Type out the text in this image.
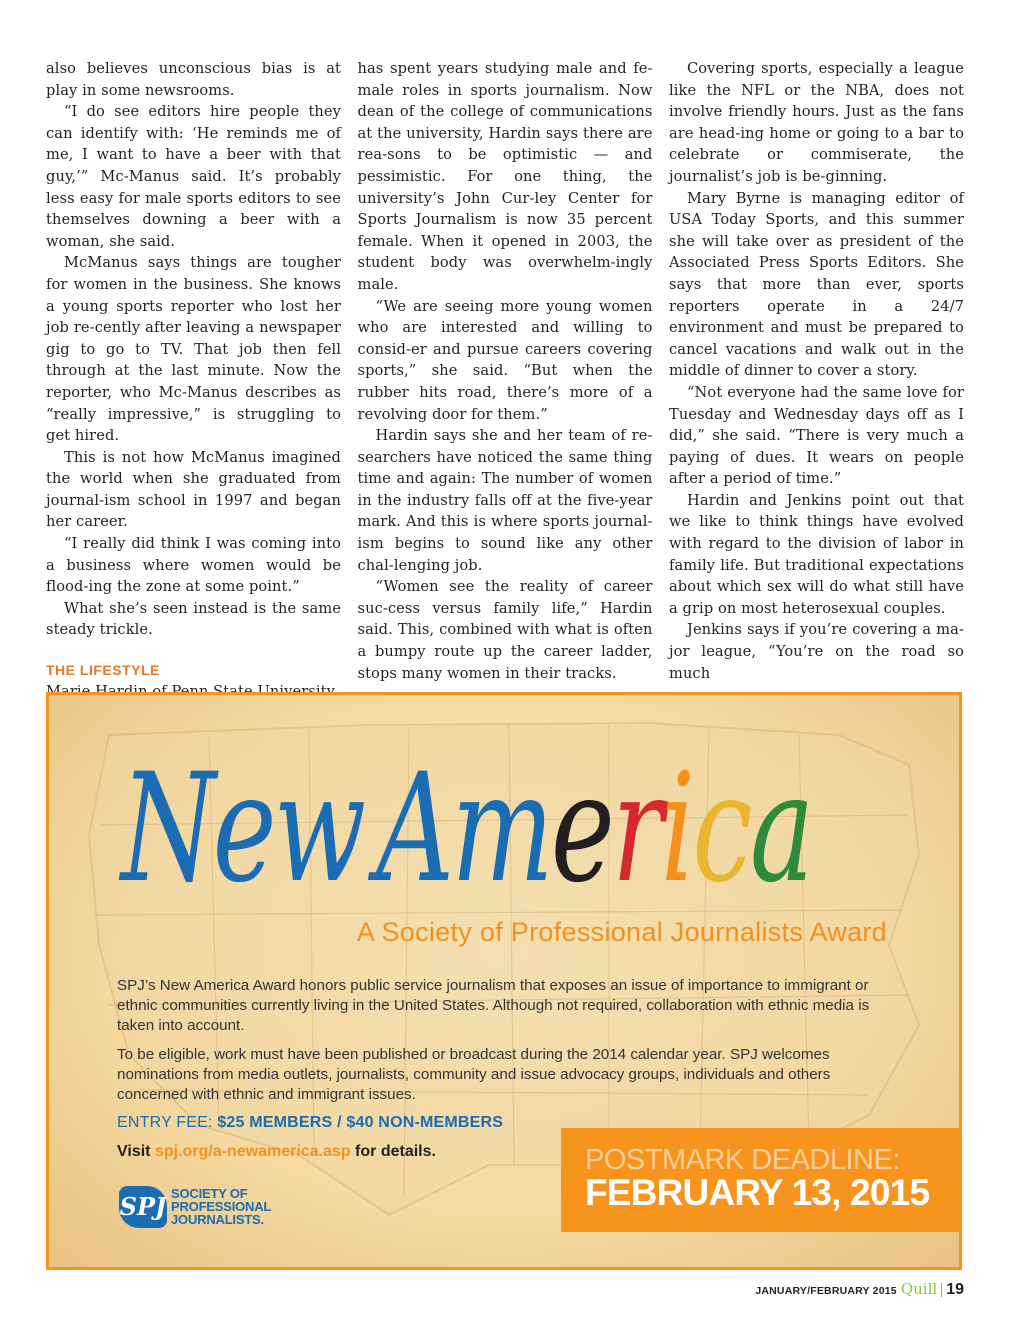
also believes unconscious bias is at play in some newsrooms.

“I do see editors hire people they can identify with: ‘He reminds me of me, I want to have a beer with that guy,’” Mc-Manus said. It’s probably less easy for male sports editors to see themselves downing a beer with a woman, she said.

McManus says things are tougher for women in the business. She knows a young sports reporter who lost her job re-cently after leaving a newspaper gig to go to TV. That job then fell through at the last minute. Now the reporter, who Mc-Manus describes as “really impressive,” is struggling to get hired.

This is not how McManus imagined the world when she graduated from journal-ism school in 1997 and began her career.

“I really did think I was coming into a business where women would be flood-ing the zone at some point.”

What she’s seen instead is the same steady trickle.

THE LIFESTYLE

has spent years studying male and fe-male roles in sports journalism. Now dean of the college of communications at the university, Hardin says there are rea-sons to be optimistic — and pessimistic. For one thing, the university’s John Cur-ley Center for Sports Journalism is now 35 percent female. When it opened in 2003, the student body was overwhelm-ingly male.

“We are seeing more young women who are interested and willing to consid-er and pursue careers covering sports,” she said. “But when the rubber hits road, there’s more of a revolving door for them.”

Hardin says she and her team of re-searchers have noticed the same thing time and again: The number of women in the industry falls off at the five-year mark. And this is where sports journal-ism begins to sound like any other chal-lenging job.

“Women see the reality of career suc-cess versus family life,” Hardin said. This, combined with what is often a bumpy route up the career ladder, stops many women in their tracks.

Covering sports, especially a league like the NFL or the NBA, does not involve friendly hours. Just as the fans are head-ing home or going to a bar to celebrate or commiserate, the journalist’s job is be-ginning.

Mary Byrne is managing editor of USA Today Sports, and this summer she will take over as president of the Associated Press Sports Editors. She says that more than ever, sports reporters operate in a 24/7 environment and must be prepared to cancel vacations and walk out in the middle of dinner to cover a story.

“Not everyone had the same love for Tuesday and Wednesday days off as I did,” she said. “There is very much a paying of dues. It wears on people after a period of time.”

Hardin and Jenkins point out that we like to think things have evolved with regard to the division of labor in family life. But traditional expectations about which sex will do what still have a grip on most heterosexual couples.

Jenkins says if you’re covering a ma-jor league, “You’re on the road so much

NewAmerica
A Society of Professional Journalists Award

SPJ’s New America Award honors public service journalism that exposes an issue of importance to immigrant or ethnic communities currently living in the United States. Although not required, collaboration with ethnic media is taken into account.

To be eligible, work must have been published or broadcast during the 2014 calendar year. SPJ welcomes nominations from media outlets, journalists, community and issue advocacy groups, individuals and others concerned with ethnic and immigrant issues.

ENTRY FEE: $25 MEMBERS / $40 NON-MEMBERS
Visit spj.org/a-newamerica.asp for details.
SPJ SOCIETY OF
PROFESSIONAL
JOURNALISTS.
POSTMARK DEADLINE:
FEBRUARY 13, 2015
JANUARY/FEBRUARY 2015 Quill 19
